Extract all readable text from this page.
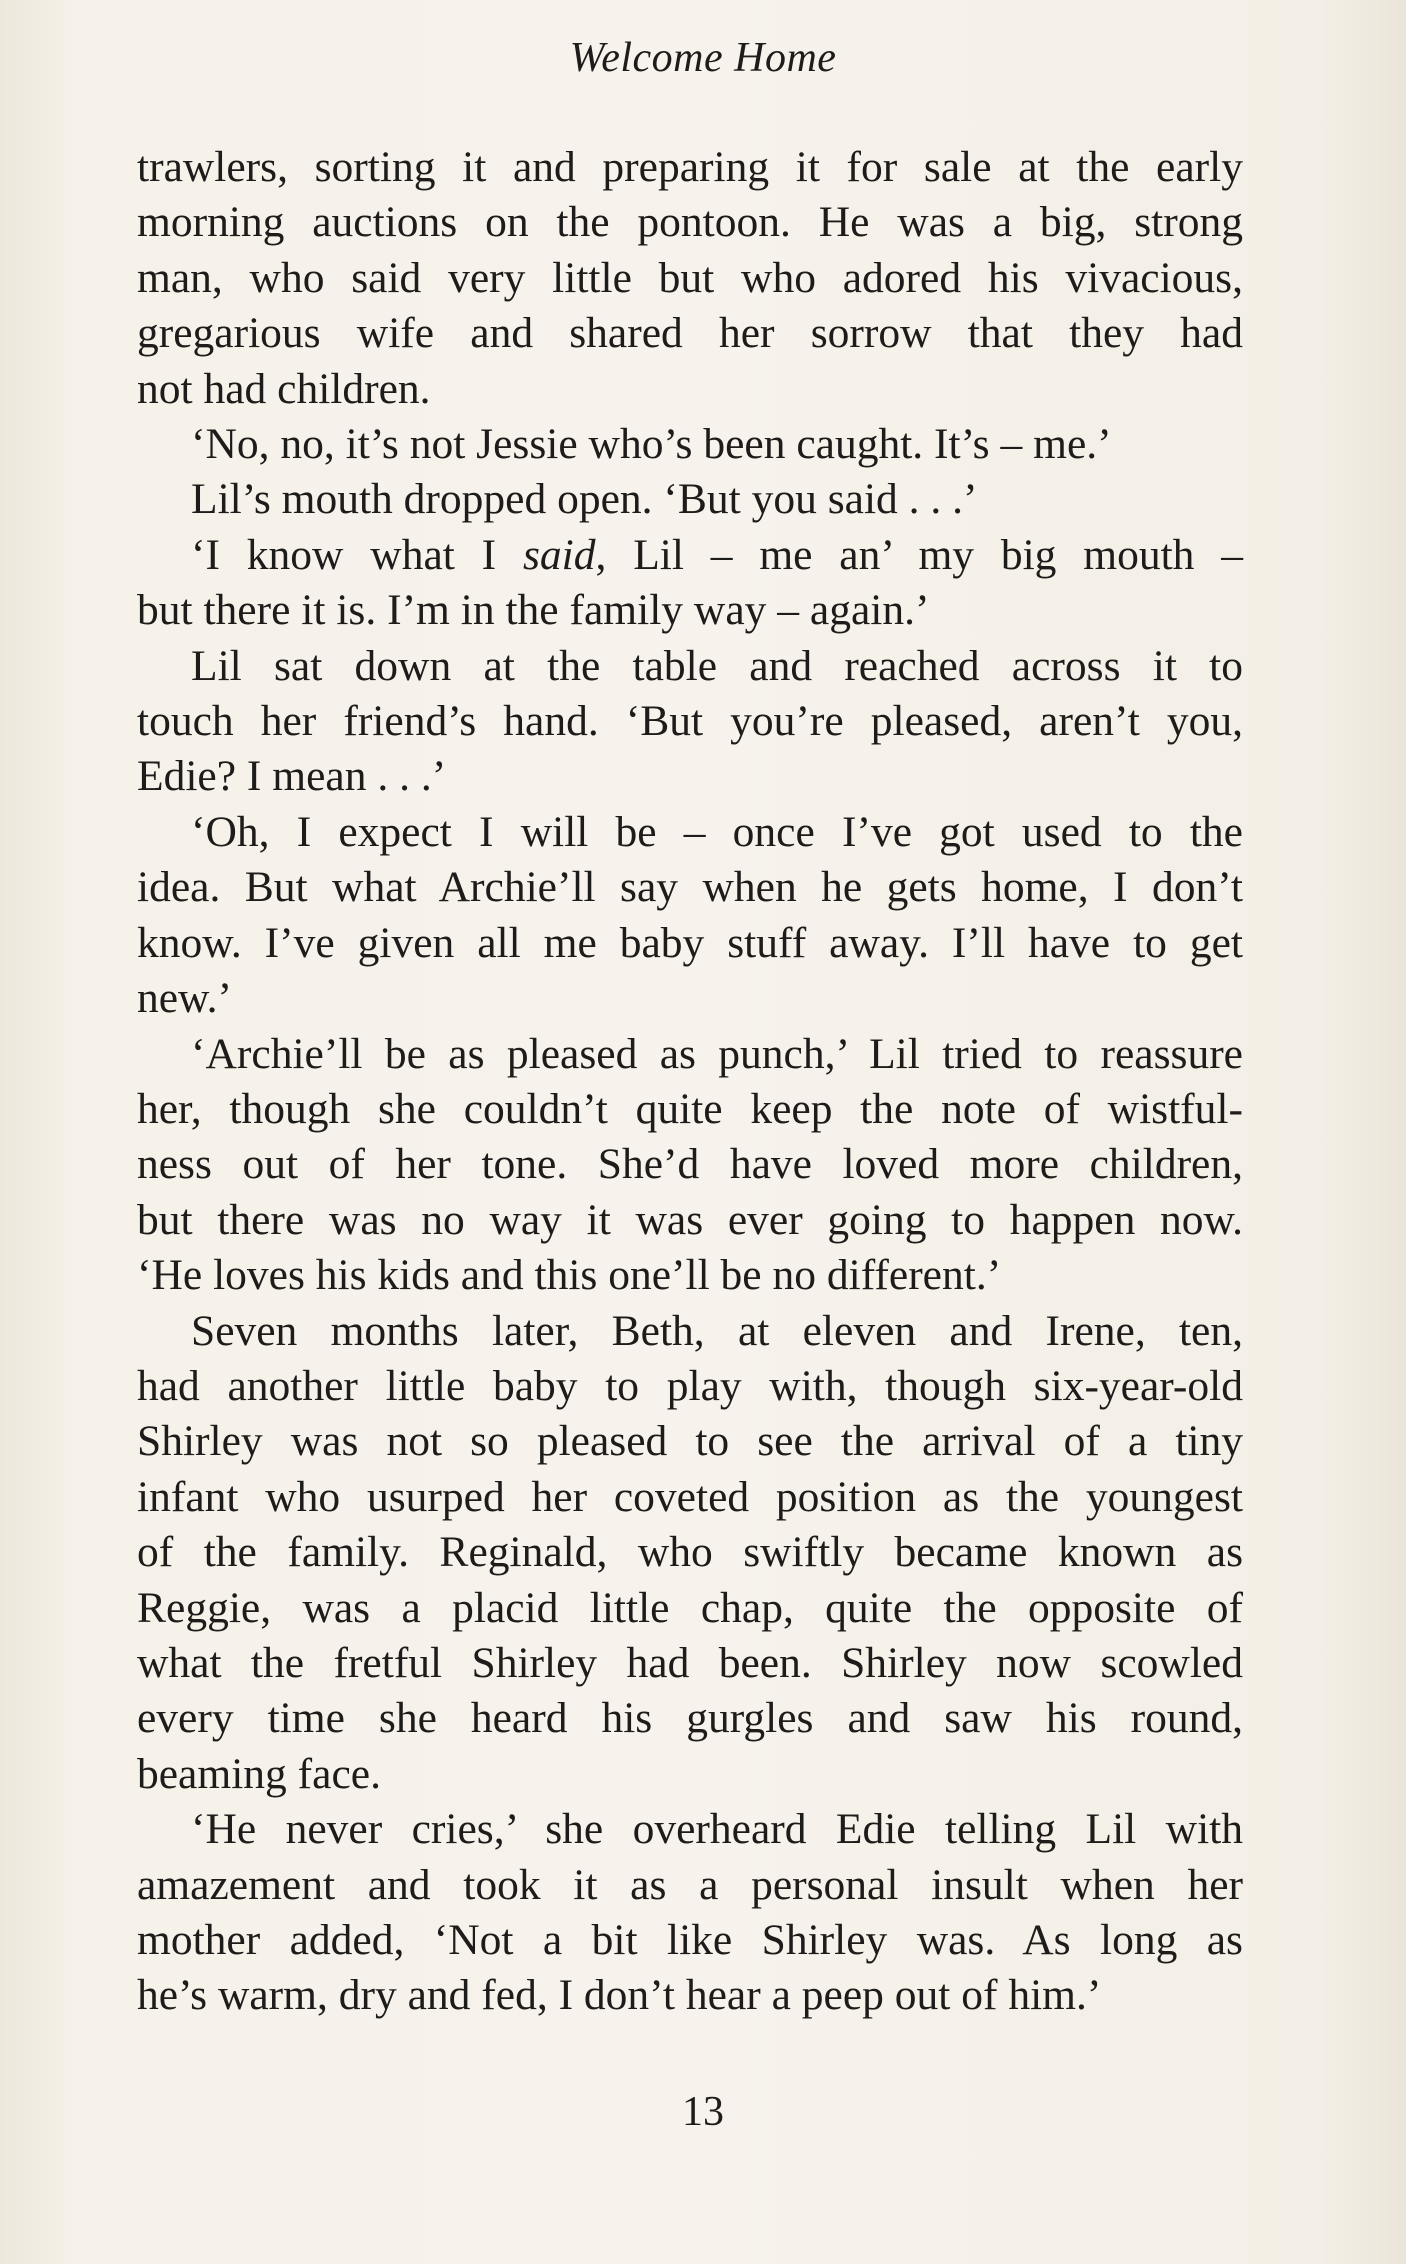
Welcome Home

trawlers, sorting it and preparing it for sale at the early
morning auctions on the pontoon. He was a big, strong
man, who said very little but who adored his vivacious,
gregarious wife and shared her sorrow that they had
not had children.

‘No, no, it’s not Jessie who’s been caught. It’s – me.’

Lil’s mouth dropped open. ‘But you said . . .’

‘I know what I said, Lil – me an’ my big mouth –
but there it is. I’m in the family way – again.’

Lil sat down at the table and reached across it to
touch her friend’s hand. ‘But you’re pleased, aren’t you,
Edie? I mean . . .’

‘Oh, I expect I will be – once I’ve got used to the
idea. But what Archie’ll say when he gets home, I don’t
know. I’ve given all me baby stuff away. I’ll have to get
new.’

‘Archie’ll be as pleased as punch,’ Lil tried to reassure
her, though she couldn’t quite keep the note of wistful-
ness out of her tone. She’d have loved more children,
but there was no way it was ever going to happen now.
‘He loves his kids and this one’ll be no different.’

Seven months later, Beth, at eleven and Irene, ten,
had another little baby to play with, though six-year-old
Shirley was not so pleased to see the arrival of a tiny
infant who usurped her coveted position as the youngest
of the family. Reginald, who swiftly became known as
Reggie, was a placid little chap, quite the opposite of
what the fretful Shirley had been. Shirley now scowled
every time she heard his gurgles and saw his round,
beaming face.

‘He never cries,’ she overheard Edie telling Lil with
amazement and took it as a personal insult when her
mother added, ‘Not a bit like Shirley was. As long as
he’s warm, dry and fed, I don’t hear a peep out of him.’

13
